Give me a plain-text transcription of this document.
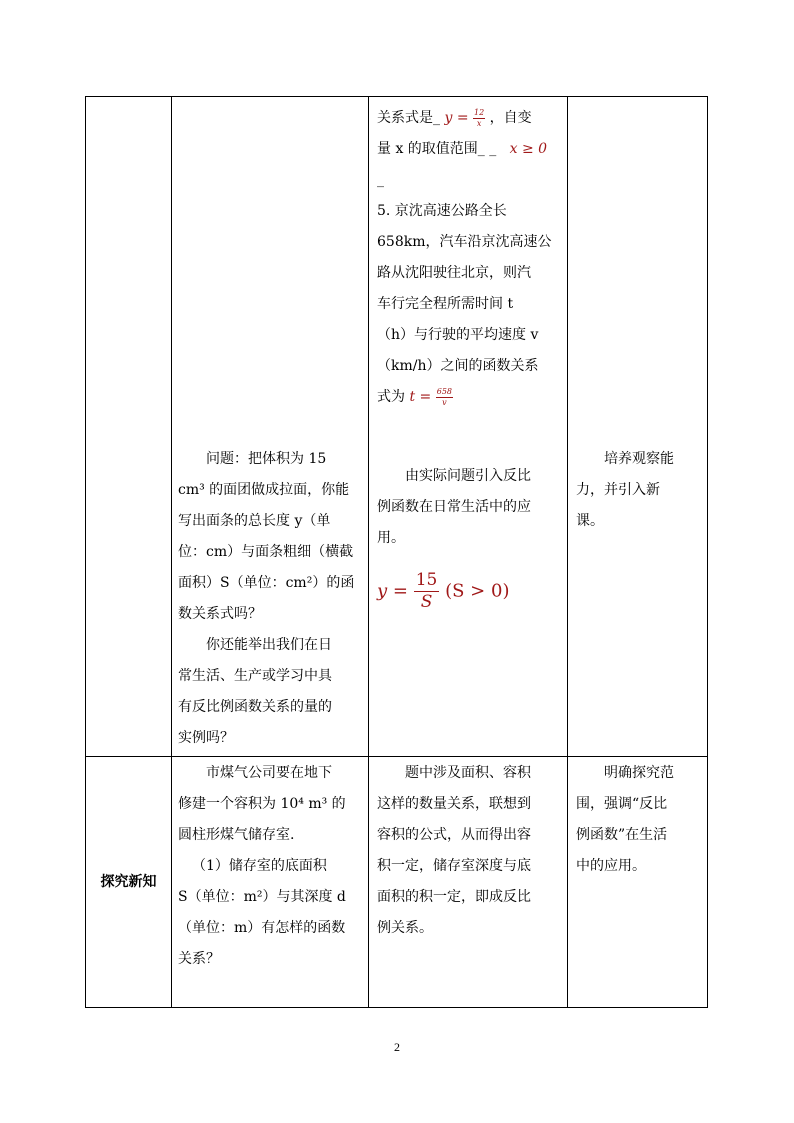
关系式是_ $y = \frac{12}{x}$ ，自变

量 x 的取值范围_ _ x ≥ 0

_

5. 京沈高速公路全长

658km，汽车沿京沈高速公

路从沈阳驶往北京，则汽

车行完全程所需时间 t

（h）与行驶的平均速度 v

（km/h）之间的函数关系

式为 $t = \frac{658}{v}$

问题：把体积为 15

cm³ 的面团做成拉面，你能

写出面条的总长度 y（单

位：cm）与面条粗细（横截

面积）S（单位：cm²）的函

数关系式吗？

你还能举出我们在日

常生活、生产或学习中具

有反比例函数关系的量的

实例吗？

由实际问题引入反比

例函数在日常生活中的应

用。

$y = \frac{15}{S} (S > 0)$

培养观察能

力，并引入新

课。

探究新知

市煤气公司要在地下

修建一个容积为 10⁴ m³ 的

圆柱形煤气储存室.

（1）储存室的底面积

S（单位：m²）与其深度 d

（单位：m）有怎样的函数

关系？

题中涉及面积、容积

这样的数量关系，联想到

容积的公式，从而得出容

积一定，储存室深度与底

面积的积一定，即成反比

例关系。

明确探究范

围，强调“反比

例函数”在生活

中的应用。

2
